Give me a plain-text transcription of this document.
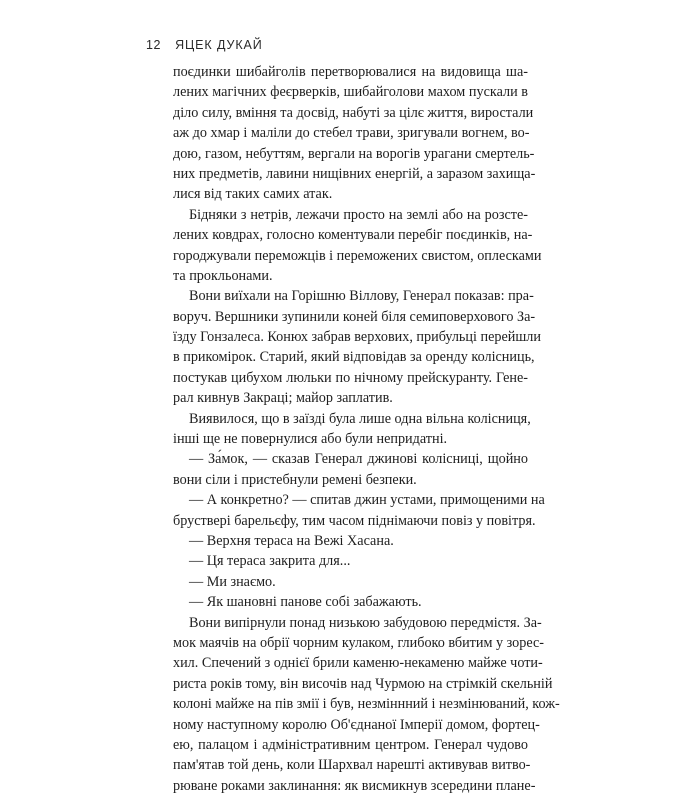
12 ЯЦЕК ДУКАЙ
поєдинки шибайголів перетворювалися на видовища ша-
лених магічних феєрверків, шибайголови махом пускали в
діло силу, вміння та досвід, набуті за цілє життя, виростали
аж до хмар і маліли до стебел трави, зригували вогнем, во-
дою, газом, небуттям, вергали на ворогів урагани смертель-
них предметів, лавини нищівних енергій, а заразом захища-
лися від таких самих атак.
Бідняки з нетрів, лежачи просто на землі або на розсте-
лених ковдрах, голосно коментували перебіг поєдинків, на-
городжували переможців і переможених свистом, оплесками
та прокльонами.
Вони виїхали на Горішню Віллову, Генерал показав: пра-
воруч. Вершники зупинили коней біля семиповерхового За-
їзду Гонзалеса. Конюх забрав верхових, прибульці перейшли
в прикомірок. Старий, який відповідав за оренду колісниць,
постукав цибухом люльки по нічному прейскуранту. Гене-
рал кивнув Закраці; майор заплатив.
Виявилося, що в заїзді була лише одна вільна колісниця,
інші ще не повернулися або були непридатні.
— За́мок, — сказав Генерал джинові колісниці, щойно
вони сіли і пристебнули ремені безпеки.
— А конкретно? — спитав джин устами, примощеними на
бруствері барельєфу, тим часом піднімаючи повіз у повітря.
— Верхня тераса на Вежі Хасана.
— Ця тераса закрита для...
— Ми знаємо.
— Як шановні панове собі забажають.
Вони випірнули понад низькою забудовою передмістя. За-
мок маячів на обрії чорним кулаком, глибоко вбитим у зорес-
хил. Спечений з однієї брили каменю-некаменю майже чоти-
риста років тому, він височів над Чурмою на стрімкій скельній
колоні майже на пів змії і був, незміннний і незмінюваний, кож-
ному наступному королю Об'єднаної Імперії домом, фортец-
ею, палацом і адміністративним центром. Генерал чудово
пам'ятав той день, коли Шархвал нарешті активував витво-
рюване роками заклинання: як висмикнув зсередини плане-
